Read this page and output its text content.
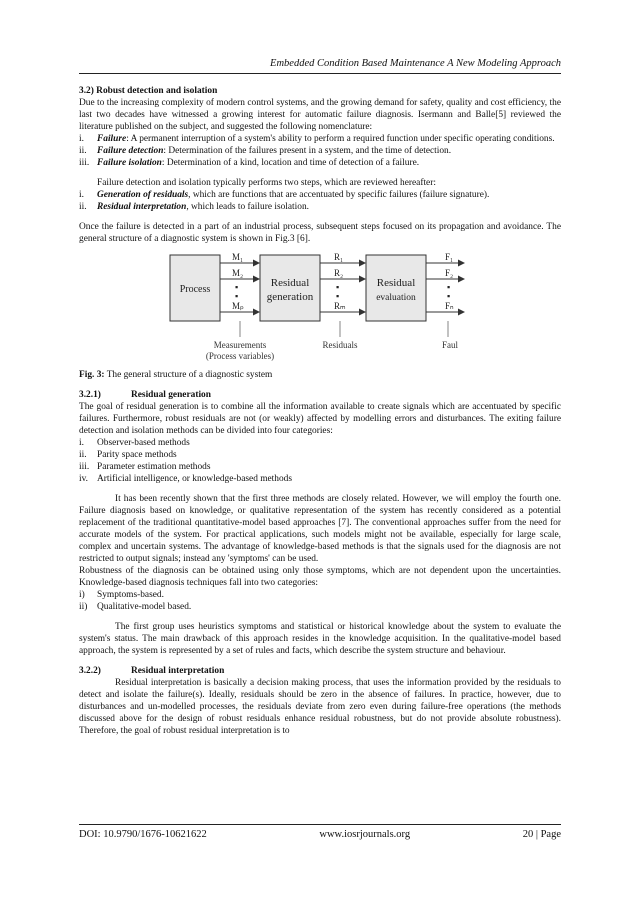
Embedded Condition Based Maintenance A New Modeling Approach

3.2) Robust detection and isolation

Due to the increasing complexity of modern control systems, and the growing demand for safety, quality and cost efficiency, the last two decades have witnessed a growing interest for automatic failure diagnosis. Isermann and Balle[5] reviewed the literature published on the subject, and suggested the following nomenclature:

i.	Failure: A permanent interruption of a system's ability to perform a required function under specific operating conditions.
ii.	Failure detection: Determination of the failures present in a system, and the time of detection.
iii. Failure isolation: Determination of a kind, location and time of detection of a failure.

Failure detection and isolation typically performs two steps, which are reviewed hereafter:

i.	Generation of residuals, which are functions that are accentuated by specific failures (failure signature).
ii.	Residual interpretation, which leads to failure isolation.

Once the failure is detected in a part of an industrial process, subsequent steps focused on its propagation and avoidance. The general structure of a diagnostic system is shown in Fig.3 [6].

Process
Residual
generation
Residual
evaluation
M₁
M₂
▪
▪
Mₚ
R₁
R₂
▪
▪
Rₘ
F₁
F₂
▪
▪
Fₙ
Measurements
(Process variables)
Residuals	Faul

Fig. 3: The general structure of a diagnostic system

3.2.1)	Residual generation

The goal of residual generation is to combine all the information available to create signals which are accentuated by specific failures. Furthermore, robust residuals are not (or weakly) affected by modelling errors and disturbances. The exiting failure detection and isolation methods can be divided into four categories:

i.	Observer-based methods
ii.	Parity space methods
iii. Parameter estimation methods
iv. Artificial intelligence, or knowledge-based methods

It has been recently shown that the first three methods are closely related. However, we will employ the fourth one. Failure diagnosis based on knowledge, or qualitative representation of the system has recently considered as a potential replacement of the traditional quantitative-model based approaches [7]. The conventional approaches suffer from the need for accurate models of the system. For practical applications, such models might not be available, especially for large scale, complex and uncertain systems. The advantage of knowledge-based methods is that the signals used for the diagnosis are not restricted to output signals; instead any 'symptoms' can be used.

Robustness of the diagnosis can be obtained using only those symptoms, which are not dependent upon the uncertainties. Knowledge-based diagnosis techniques fall into two categories:

i)	Symptoms-based.
ii)	Qualitative-model based.

The first group uses heuristics symptoms and statistical or historical knowledge about the system to evaluate the system's status. The main drawback of this approach resides in the knowledge acquisition. In the qualitative-model based approach, the system is represented by a set of rules and facts, which describe the system structure and behaviour.

3.2.2)	Residual interpretation

Residual interpretation is basically a decision making process, that uses the information provided by the residuals to detect and isolate the failure(s). Ideally, residuals should be zero in the absence of failures. In practice, however, due to disturbances and un-modelled processes, the residuals deviate from zero even during failure-free operations (the methods discussed above for the design of robust residuals enhance residual robustness, but do not provide absolute robustness). Therefore, the goal of robust residual interpretation is to

DOI: 10.9790/1676-10621622	www.iosrjournals.org	20 | Page
